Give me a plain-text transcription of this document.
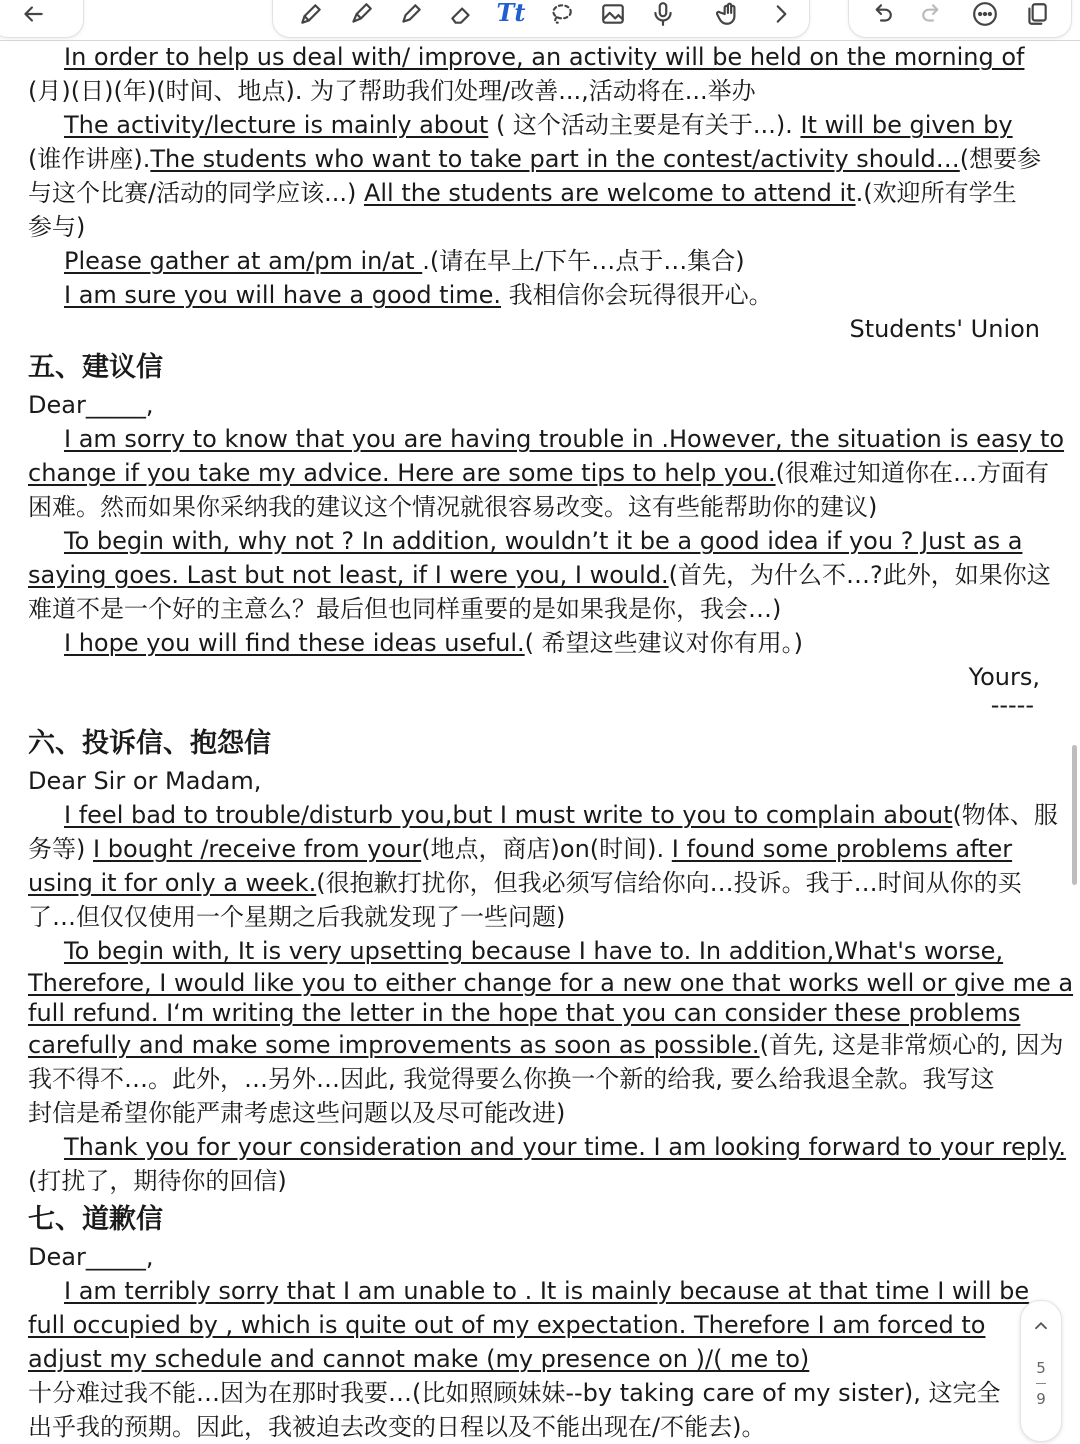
Tt
In order to help us deal with/ improve, an activity will be held on the morning of
(月)(日)(年)(时间、地点). 为了帮助我们处理/改善...,活动将在...举办
The activity/lecture is mainly about ( 这个活动主要是有关于...). It will be given by
(谁作讲座).The students who want to take part in the contest/activity should…(想要参
与这个比赛/活动的同学应该...) All the students are welcome to attend it.(欢迎所有学生
参与)
Please gather at am/pm in/at .(请在早上/下午…点于…集合)
I am sure you will have a good time. 我相信你会玩得很开心。
Students' Union
五、建议信
Dear_____,
I am sorry to know that you are having trouble in .However, the situation is easy to
change if you take my advice. Here are some tips to help you.(很难过知道你在…方面有
困难。然而如果你采纳我的建议这个情况就很容易改变。这有些能帮助你的建议)
To begin with, why not ? In addition, wouldn’t it be a good idea if you ? Just as a
saying goes. Last but not least, if I were you, I would.(首先，为什么不…?此外，如果你这
难道不是一个好的主意么？最后但也同样重要的是如果我是你，我会…)
I hope you will find these ideas useful.( 希望这些建议对你有用。)
Yours,
-----
六、投诉信、抱怨信
Dear Sir or Madam,
I feel bad to trouble/disturb you,but I must write to you to complain about(物体、服
务等) I bought /receive from your(地点，商店)on(时间). I found some problems after
using it for only a week.(很抱歉打扰你，但我必须写信给你向…投诉。我于…时间从你的买
了…但仅仅使用一个星期之后我就发现了一些问题)
To begin with, It is very upsetting because I have to. In addition,What's worse,
Therefore, I would like you to either change for a new one that works well or give me a
full refund. I‘m writing the letter in the hope that you can consider these problems
carefully and make some improvements as soon as possible.(首先, 这是非常烦心的, 因为
我不得不…。此外，…另外…因此, 我觉得要么你换一个新的给我, 要么给我退全款。我写这
封信是希望你能严肃考虑这些问题以及尽可能改进)
Thank you for your consideration and your time. I am looking forward to your reply.
(打扰了，期待你的回信)
七、道歉信
Dear_____,
I am terribly sorry that I am unable to . It is mainly because at that time I will be
full occupied by , which is quite out of my expectation. Therefore I am forced to
adjust my schedule and cannot make (my presence on )/( me to)
十分难过我不能…因为在那时我要…(比如照顾妹妹--by taking care of my sister), 这完全
出乎我的预期。因此，我被迫去改变的日程以及不能出现在/不能去)。
5
9
